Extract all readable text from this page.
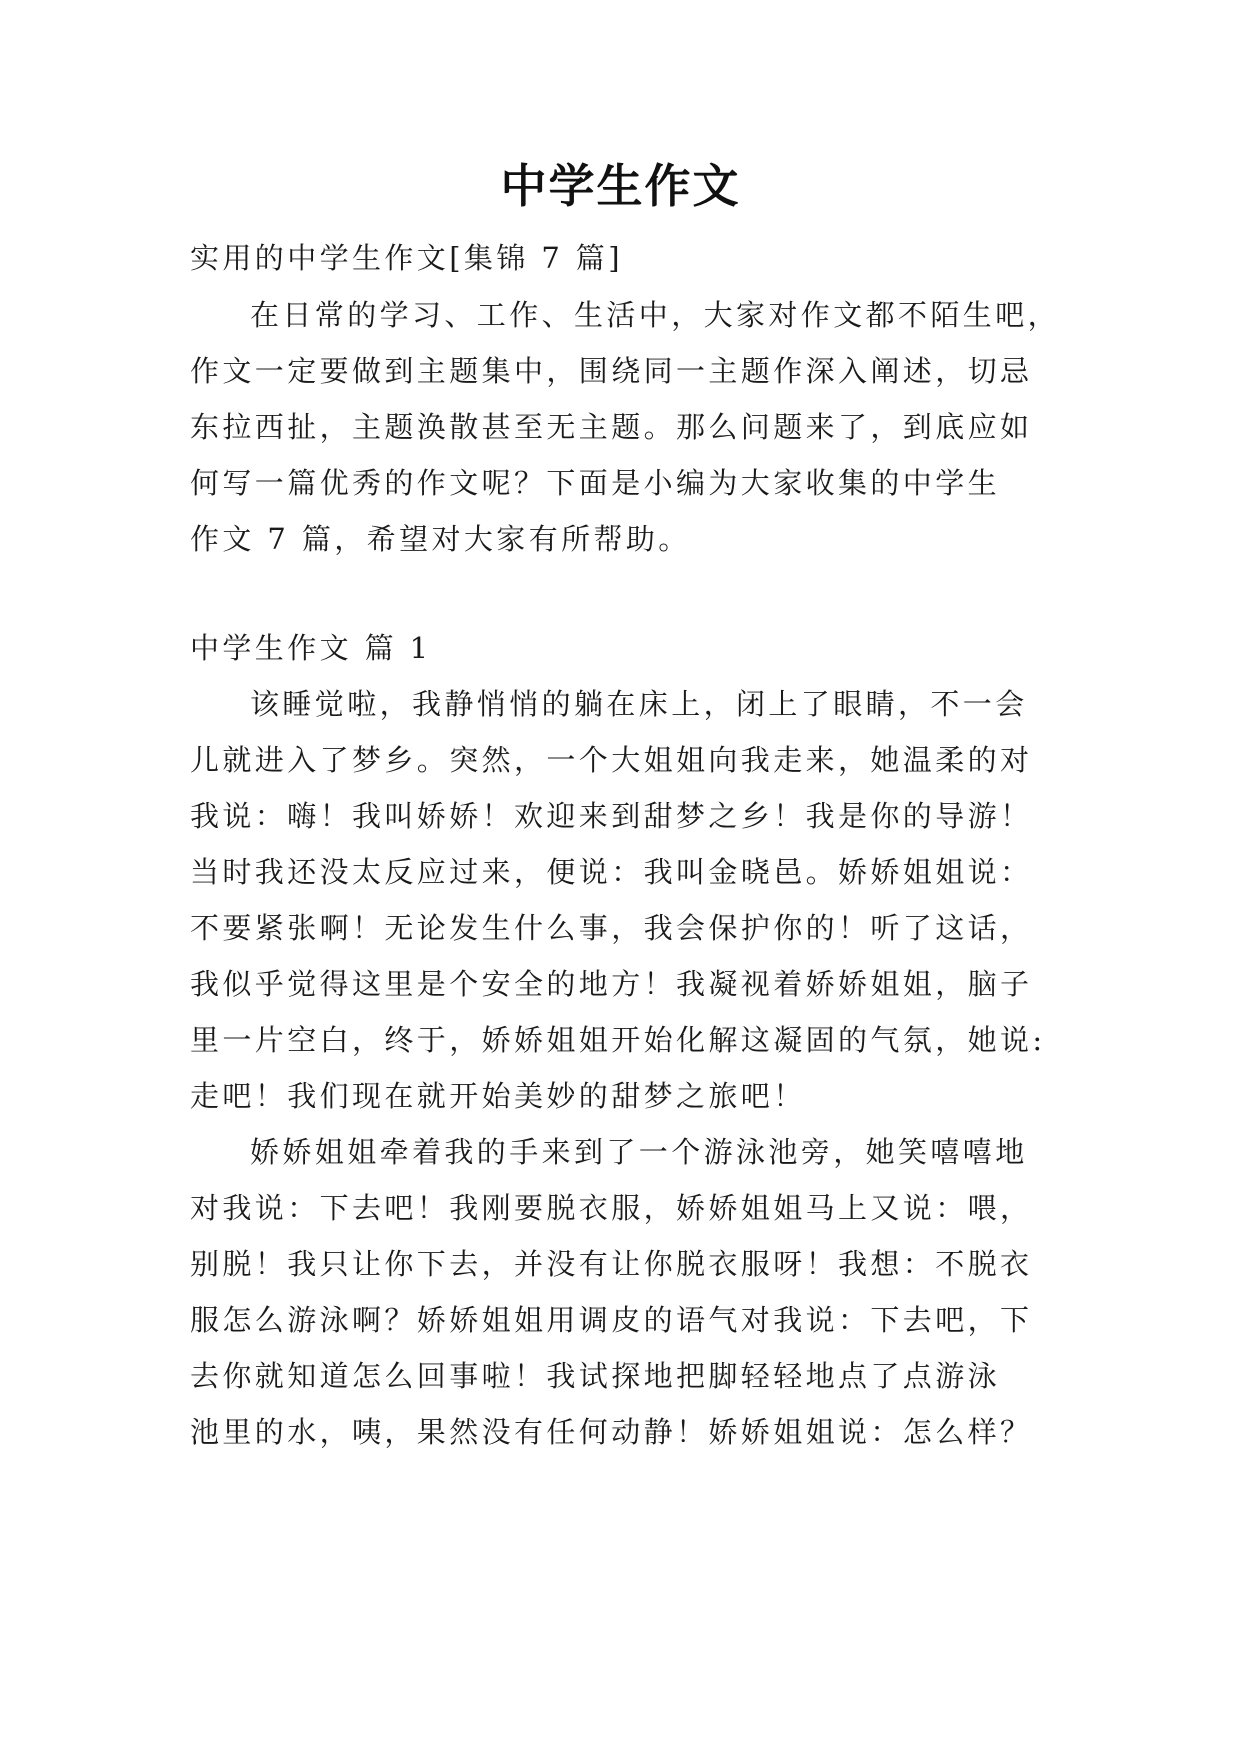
中学生作文
实用的中学生作文[集锦 7 篇]
在日常的学习、工作、生活中，大家对作文都不陌生吧，
作文一定要做到主题集中，围绕同一主题作深入阐述，切忌
东拉西扯，主题涣散甚至无主题。那么问题来了，到底应如
何写一篇优秀的作文呢？下面是小编为大家收集的中学生
作文 7 篇，希望对大家有所帮助。
中学生作文 篇 1
该睡觉啦，我静悄悄的躺在床上，闭上了眼睛，不一会
儿就进入了梦乡。突然，一个大姐姐向我走来，她温柔的对
我说：嗨！我叫娇娇！欢迎来到甜梦之乡！我是你的导游！
当时我还没太反应过来，便说：我叫金晓邑。娇娇姐姐说：
不要紧张啊！无论发生什么事，我会保护你的！听了这话，
我似乎觉得这里是个安全的地方！我凝视着娇娇姐姐，脑子
里一片空白，终于，娇娇姐姐开始化解这凝固的气氛，她说:
走吧！我们现在就开始美妙的甜梦之旅吧！
娇娇姐姐牵着我的手来到了一个游泳池旁，她笑嘻嘻地
对我说：下去吧！我刚要脱衣服，娇娇姐姐马上又说：喂，
别脱！我只让你下去，并没有让你脱衣服呀！我想：不脱衣
服怎么游泳啊？娇娇姐姐用调皮的语气对我说：下去吧，下
去你就知道怎么回事啦！我试探地把脚轻轻地点了点游泳
池里的水，咦，果然没有任何动静！娇娇姐姐说：怎么样？
